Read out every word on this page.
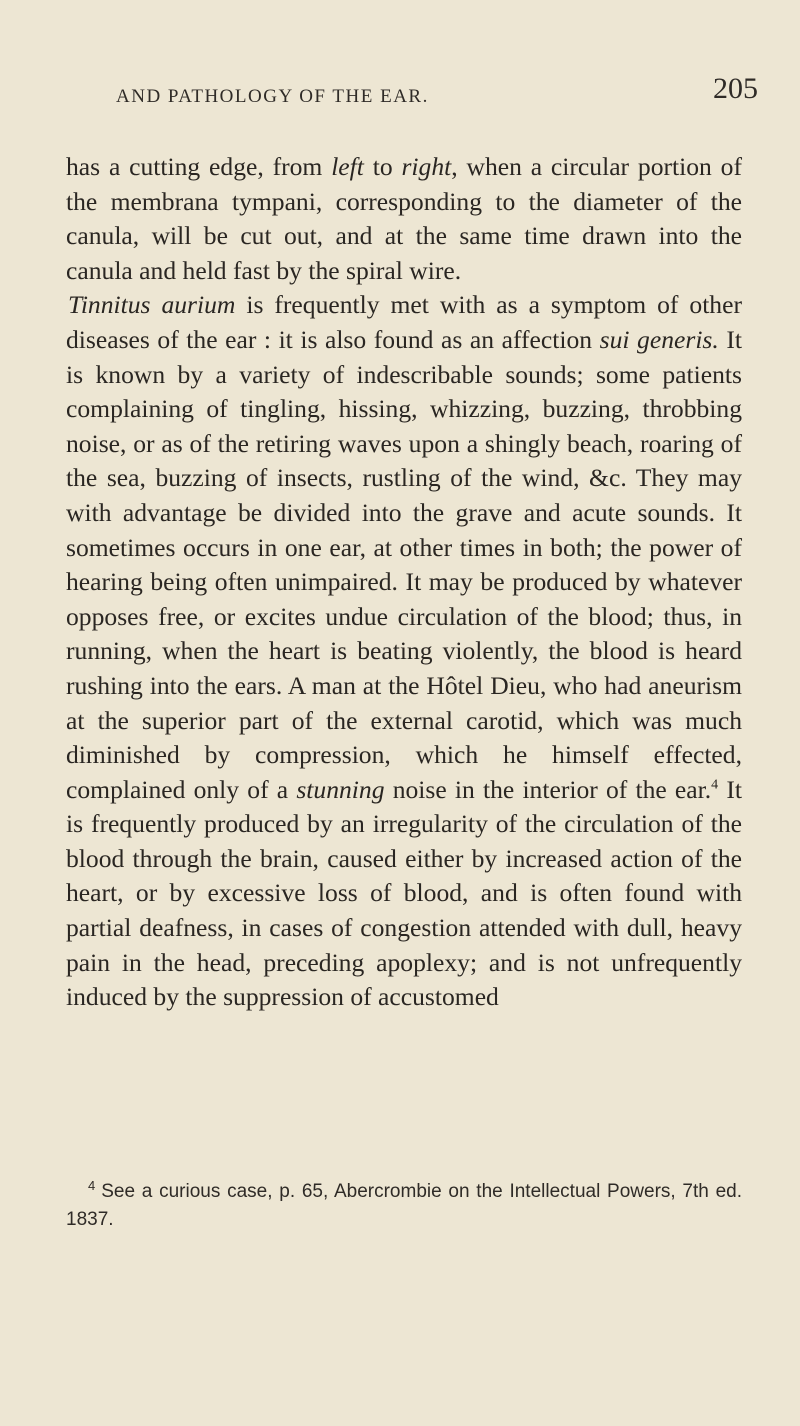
AND PATHOLOGY OF THE EAR.	205

has a cutting edge, from left to right, when a circular portion of the membrana tympani, corresponding to the diameter of the canula, will be cut out, and at the same time drawn into the canula and held fast by the spiral wire.

Tinnitus aurium is frequently met with as a symptom of other diseases of the ear : it is also found as an affection sui generis. It is known by a variety of indescribable sounds; some patients complaining of tingling, hissing, whizzing, buzzing, throbbing noise, or as of the retiring waves upon a shingly beach, roaring of the sea, buzzing of insects, rustling of the wind, &c. They may with advantage be divided into the grave and acute sounds. It sometimes occurs in one ear, at other times in both; the power of hearing being often unimpaired. It may be produced by whatever opposes free, or excites undue circulation of the blood; thus, in running, when the heart is beating violently, the blood is heard rushing into the ears. A man at the Hôtel Dieu, who had aneurism at the superior part of the external carotid, which was much diminished by compression, which he himself effected, complained only of a stunning noise in the interior of the ear.$^4$ It is frequently produced by an irregularity of the circulation of the blood through the brain, caused either by increased action of the heart, or by excessive loss of blood, and is often found with partial deafness, in cases of congestion attended with dull, heavy pain in the head, preceding apoplexy; and is not unfrequently induced by the suppression of accustomed

$^4$ See a curious case, p. 65, Abercrombie on the Intellectual Powers, 7th ed. 1837.
